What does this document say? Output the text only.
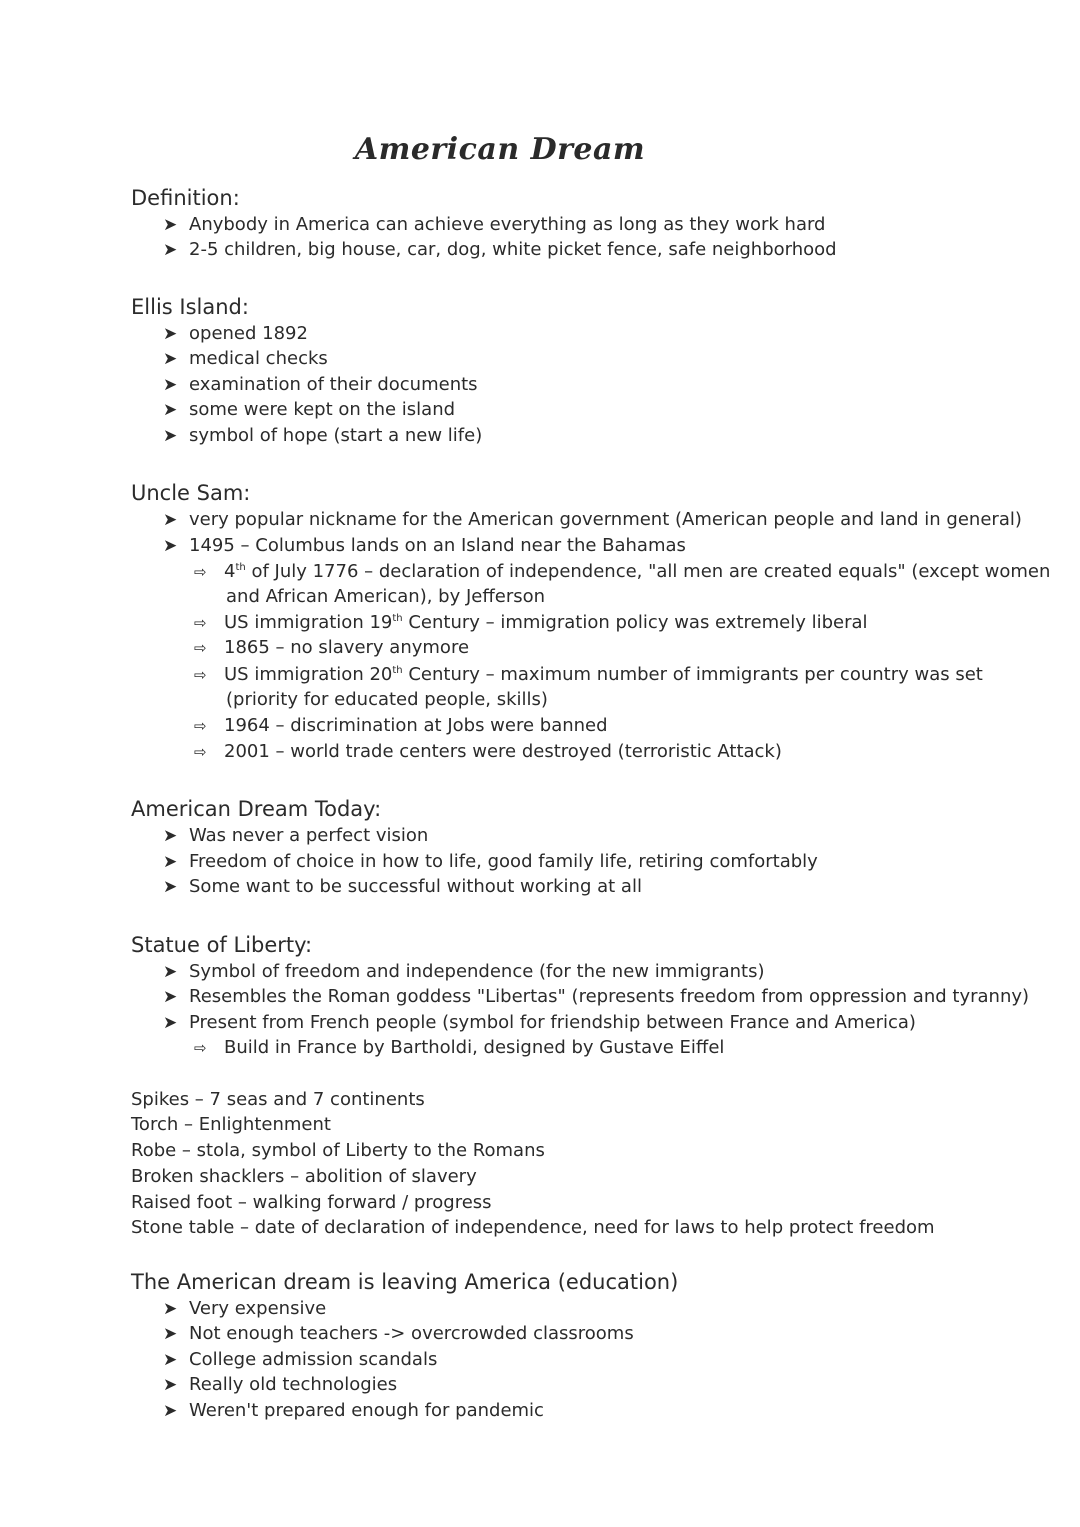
American Dream
Definition:
➤ Anybody in America can achieve everything as long as they work hard
➤ 2-5 children, big house, car, dog, white picket fence, safe neighborhood
Ellis Island:
➤ opened 1892
➤ medical checks
➤ examination of their documents
➤ some were kept on the island
➤ symbol of hope (start a new life)
Uncle Sam:
➤ very popular nickname for the American government (American people and land in general)
➤ 1495 – Columbus lands on an Island near the Bahamas
⇨ 4th of July 1776 – declaration of independence, "all men are created equals" (except women
and African American), by Jefferson
⇨ US immigration 19th Century – immigration policy was extremely liberal
⇨ 1865 – no slavery anymore
⇨ US immigration 20th Century – maximum number of immigrants per country was set
(priority for educated people, skills)
⇨ 1964 – discrimination at Jobs were banned
⇨ 2001 – world trade centers were destroyed (terroristic Attack)
American Dream Today:
➤ Was never a perfect vision
➤ Freedom of choice in how to life, good family life, retiring comfortably
➤ Some want to be successful without working at all
Statue of Liberty:
➤ Symbol of freedom and independence (for the new immigrants)
➤ Resembles the Roman goddess "Libertas" (represents freedom from oppression and tyranny)
➤ Present from French people (symbol for friendship between France and America)
⇨ Build in France by Bartholdi, designed by Gustave Eiffel
Spikes – 7 seas and 7 continents
Torch – Enlightenment
Robe – stola, symbol of Liberty to the Romans
Broken shacklers – abolition of slavery
Raised foot – walking forward / progress
Stone table – date of declaration of independence, need for laws to help protect freedom
The American dream is leaving America (education)
➤ Very expensive
➤ Not enough teachers -> overcrowded classrooms
➤ College admission scandals
➤ Really old technologies
➤ Weren't prepared enough for pandemic
